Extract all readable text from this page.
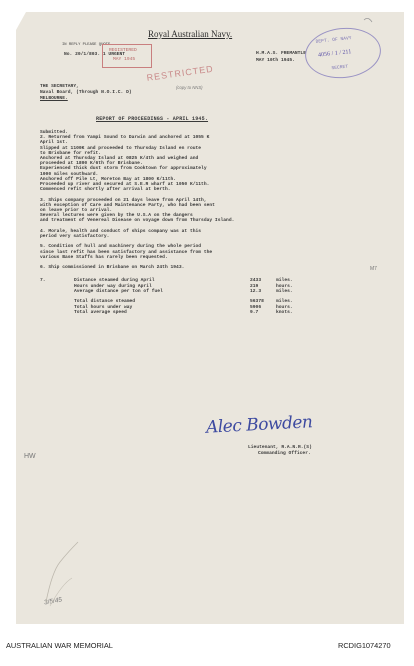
Royal Australian Navy.
IN REPLY PLEASE QUOTE
No. 20/1/803. 1 URGENT
REGISTERED
MAY 1945
RESTRICTED
H.M.A.S. FREMANTLE
MAY 10th 1945.
DEPT. OF NAVY
4056 / 1 / 211
SECRET
THE SECRETARY,
Naval Board, (Through N.O.I.C. D)
MELBOURNE.
(copy to NNS)
REPORT OF PROCEEDINGS - APRIL 1945.
Submitted.
2. Returned from Yampi Sound to Darwin and anchored at 1055 K
April 1st.
Slipped at 1100K and proceeded to Thursday Island en route
to Brisbane for refit.
Anchored at Thursday Island at 0825 K/4th and weighed and
proceeded at 1800 K/6th for Brisbane.
Experienced thick dust storm from Cooktown for approximately
1000 miles southward.
Anchored off Pile Lt, Moreton Bay at 1800 K/11th.
Proceeded up river and secured at S.E.R wharf at 1050 K/11th.
Commenced refit shortly after arrival at berth.
3. Ships company proceeded on 21 days leave from April 14th,
with exception of Care and Maintenance Party, who had been sent
on leave prior to arrival.
Several lectures were given by the U.S.A on the dangers
and treatment of Venereal Disease on voyage down from Thursday Island.
4. Morale, health and conduct of ships company was at this
period very satisfactory.
5. Condition of hull and machinery during the whole period
since last refit has been satisfactory and assistance from the
various Base Staffs has rarely been requested.
6. Ship commissioned in Brisbane on March 24th 1943.
7.	Distance steamed during April	2433	miles.
Hours under way during April	219	hours.
Average distance per ton of fuel	12.3	miles.
Total distance steamed	56378	miles.
Total hours under way	5906	hours.
Total average speed	9.7	knots.
Alec Bowden
Lieutenant, R.A.N.R.(S)
Commanding Officer.
HW
M7
3/5/45
AUSTRALIAN WAR MEMORIAL	RCDIG1074270
